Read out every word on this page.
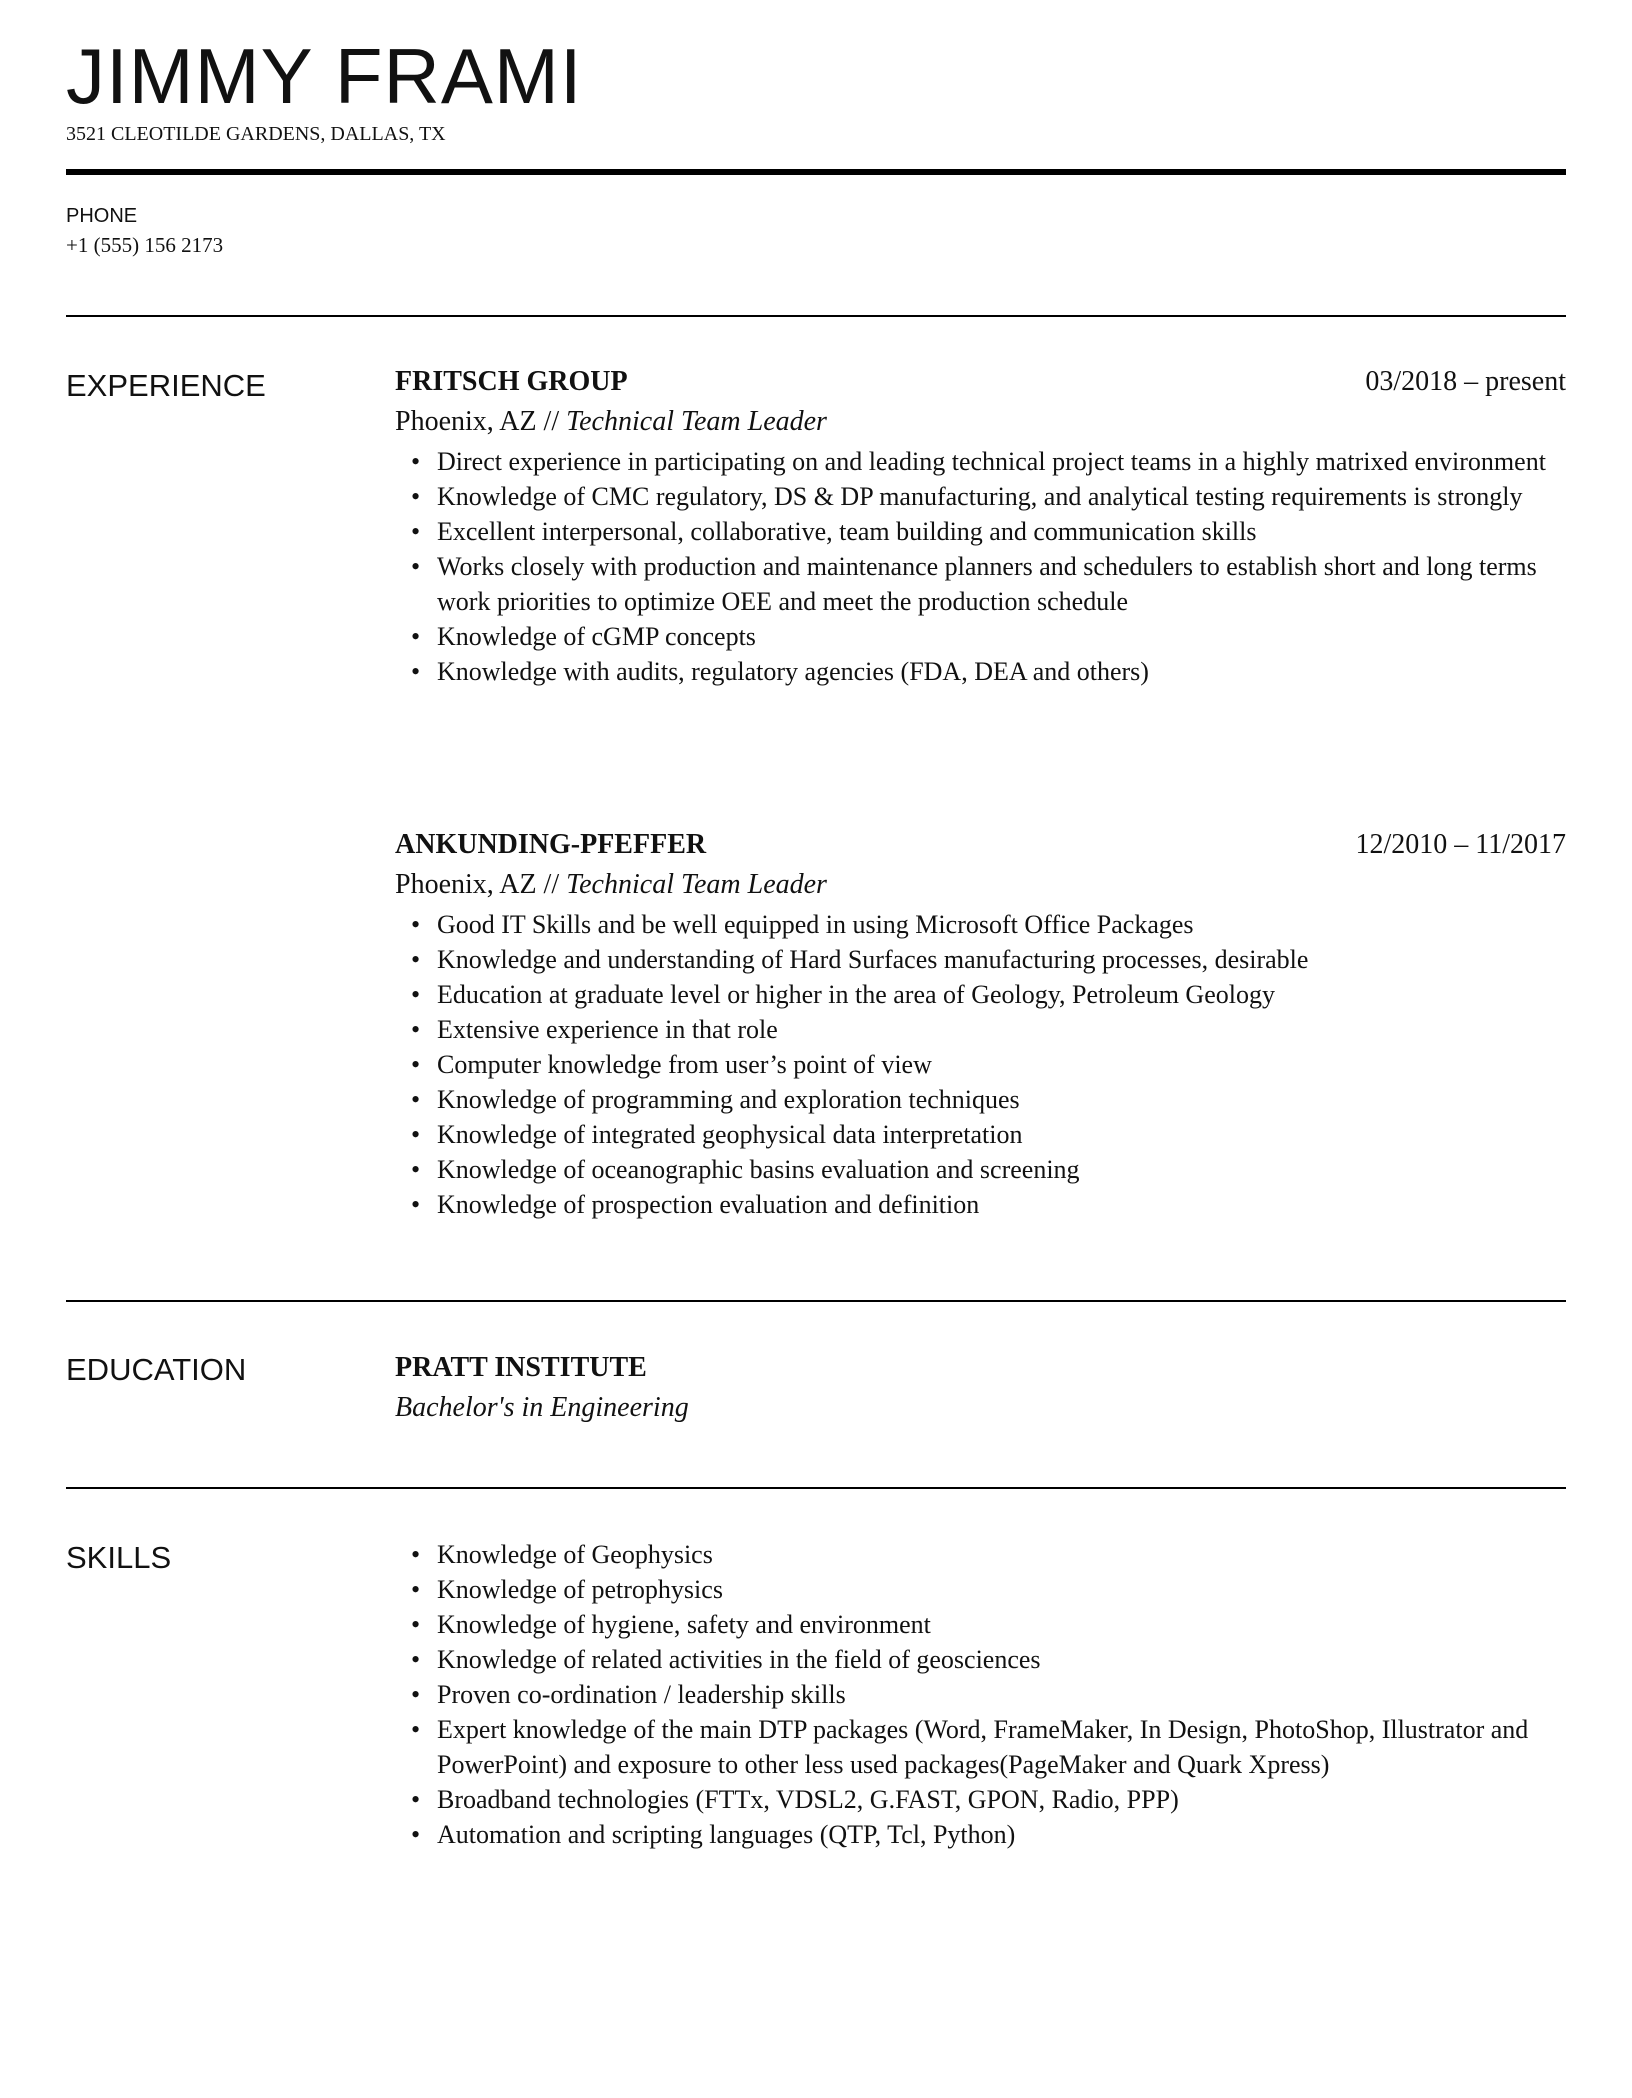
JIMMY FRAMI
3521 CLEOTILDE GARDENS, DALLAS, TX
PHONE
+1 (555) 156 2173
EXPERIENCE	FRITSCH GROUP	03/2018 – present
Phoenix, AZ // Technical Team Leader
• Direct experience in participating on and leading technical project teams in a highly matrixed environment
• Knowledge of CMC regulatory, DS & DP manufacturing, and analytical testing requirements is strongly
• Excellent interpersonal, collaborative, team building and communication skills
• Works closely with production and maintenance planners and schedulers to establish short and long terms work priorities to optimize OEE and meet the production schedule
• Knowledge of cGMP concepts
• Knowledge with audits, regulatory agencies (FDA, DEA and others)
ANKUNDING-PFEFFER	12/2010 – 11/2017
Phoenix, AZ // Technical Team Leader
• Good IT Skills and be well equipped in using Microsoft Office Packages
• Knowledge and understanding of Hard Surfaces manufacturing processes, desirable
• Education at graduate level or higher in the area of Geology, Petroleum Geology
• Extensive experience in that role
• Computer knowledge from user’s point of view
• Knowledge of programming and exploration techniques
• Knowledge of integrated geophysical data interpretation
• Knowledge of oceanographic basins evaluation and screening
• Knowledge of prospection evaluation and definition
EDUCATION	PRATT INSTITUTE
Bachelor's in Engineering
SKILLS	• Knowledge of Geophysics
• Knowledge of petrophysics
• Knowledge of hygiene, safety and environment
• Knowledge of related activities in the field of geosciences
• Proven co-ordination / leadership skills
• Expert knowledge of the main DTP packages (Word, FrameMaker, In Design, PhotoShop, Illustrator and PowerPoint) and exposure to other less used packages(PageMaker and Quark Xpress)
• Broadband technologies (FTTx, VDSL2, G.FAST, GPON, Radio, PPP)
• Automation and scripting languages (QTP, Tcl, Python)
